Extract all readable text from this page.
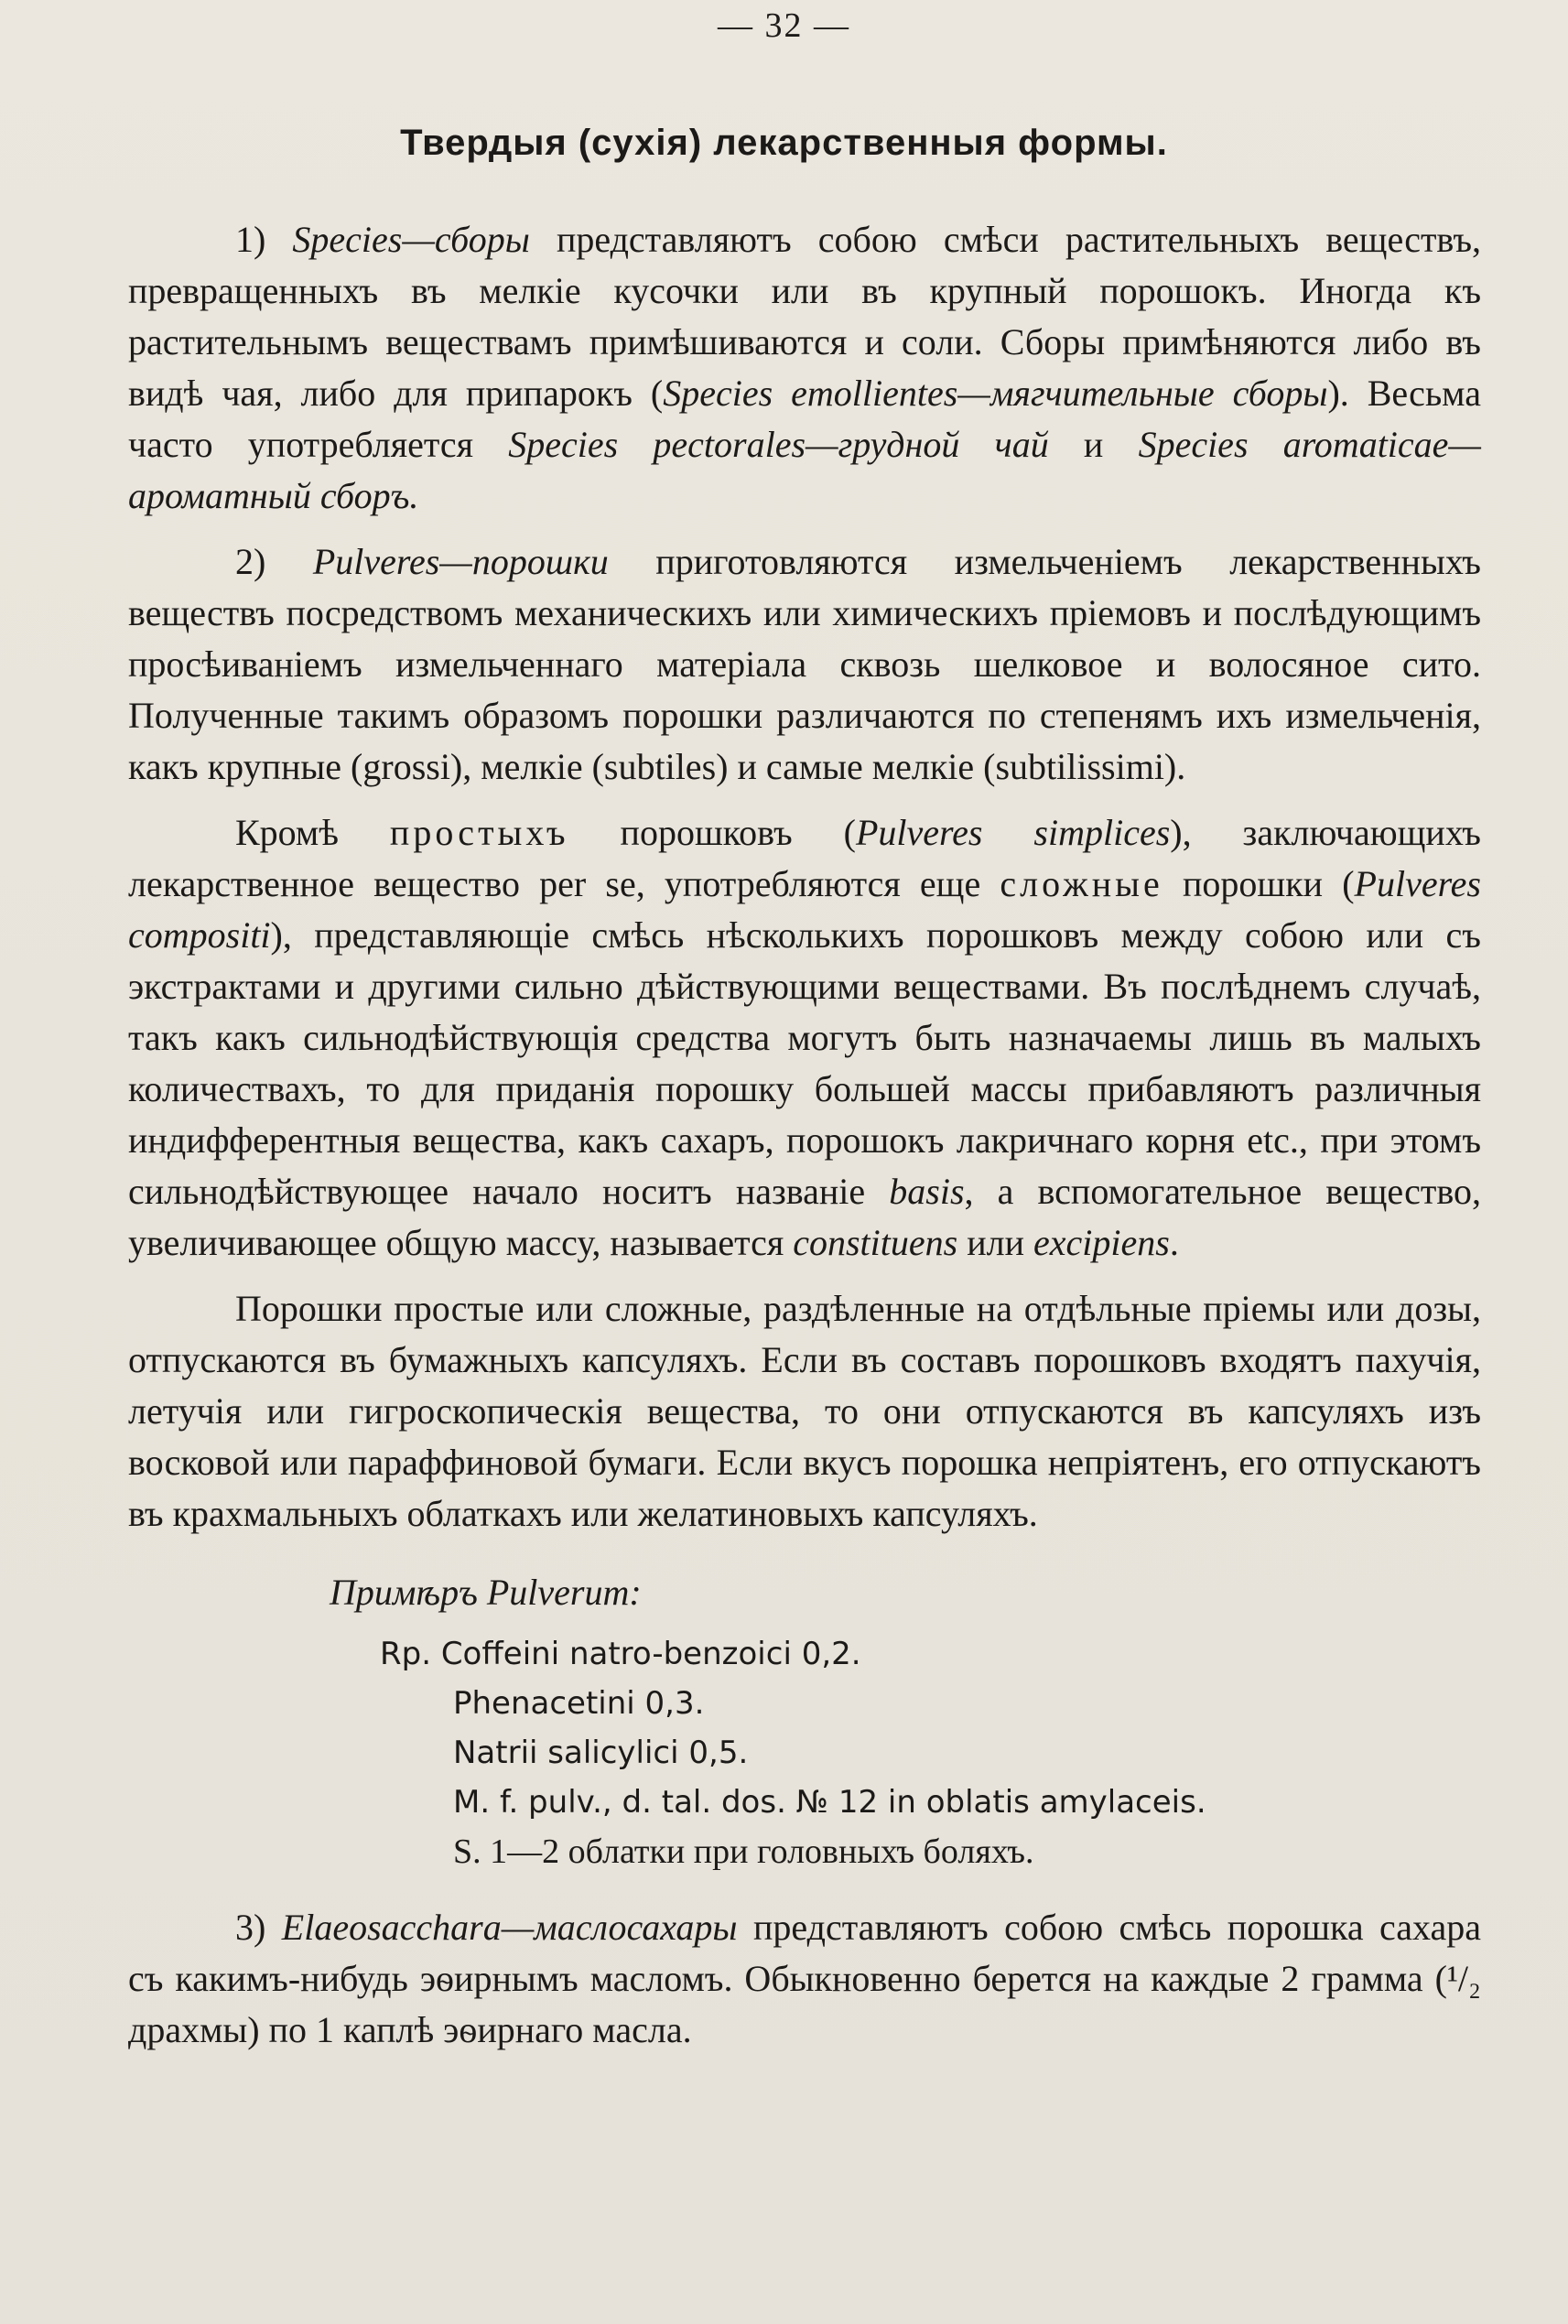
— 32 —
Твердыя (сухія) лекарственныя формы.

1) Species—сборы представляютъ собою смѣси растительныхъ веществъ, превращенныхъ въ мелкіе кусочки или въ крупный порошокъ. Иногда къ растительнымъ веществамъ примѣшиваются и соли. Сборы примѣняются либо въ видѣ чая, либо для припарокъ (Species emollientes—мягчительные сборы). Весьма часто употребляется Species pectorales—грудной чай и Species aromaticae—ароматный сборъ.

2) Pulveres—порошки приготовляются измельченіемъ лекарственныхъ веществъ посредствомъ механическихъ или химическихъ пріемовъ и послѣдующимъ просѣиваніемъ измельченнаго матеріала сквозь шелковое и волосяное сито. Полученные такимъ образомъ порошки различаются по степенямъ ихъ измельченія, какъ крупные (grossi), мелкіе (subtiles) и самые мелкіе (subtilissimi).

Кромѣ простыхъ порошковъ (Pulveres simplices), заключающихъ лекарственное вещество per se, употребляются еще сложные порошки (Pulveres compositi), представляющіе смѣсь нѣсколькихъ порошковъ между собою или съ экстрактами и другими сильно дѣйствующими веществами. Въ послѣднемъ случаѣ, такъ какъ сильнодѣйствующія средства могутъ быть назначаемы лишь въ малыхъ количествахъ, то для приданія порошку большей массы прибавляютъ различныя индифферентныя вещества, какъ сахаръ, порошокъ лакричнаго корня etc., при этомъ сильнодѣйствующее начало носитъ названіе basis, а вспомогательное вещество, увеличивающее общую массу, называется constituens или excipiens.

Порошки простые или сложные, раздѣленные на отдѣльные пріемы или дозы, отпускаются въ бумажныхъ капсуляхъ. Если въ составъ порошковъ входятъ пахучія, летучія или гигроскопическія вещества, то они отпускаются въ капсуляхъ изъ восковой или параффиновой бумаги. Если вкусъ порошка непріятенъ, его отпускаютъ въ крахмальныхъ облаткахъ или желатиновыхъ капсуляхъ.

Примѣръ Pulverum:
Rp. Coffeini natro-benzoici 0,2.
Phenacetini 0,3.
Natrii salicylici 0,5.
M. f. pulv., d. tal. dos. № 12 in oblatis amylaceis.
S. 1—2 облатки при головныхъ боляхъ.

3) Elaeosacchara—маслосахары представляютъ собою смѣсь порошка сахара съ какимъ-нибудь эѳирнымъ масломъ. Обыкновенно берется на каждые 2 грамма (¹/₂ драхмы) по 1 каплѣ эѳирнаго масла.
